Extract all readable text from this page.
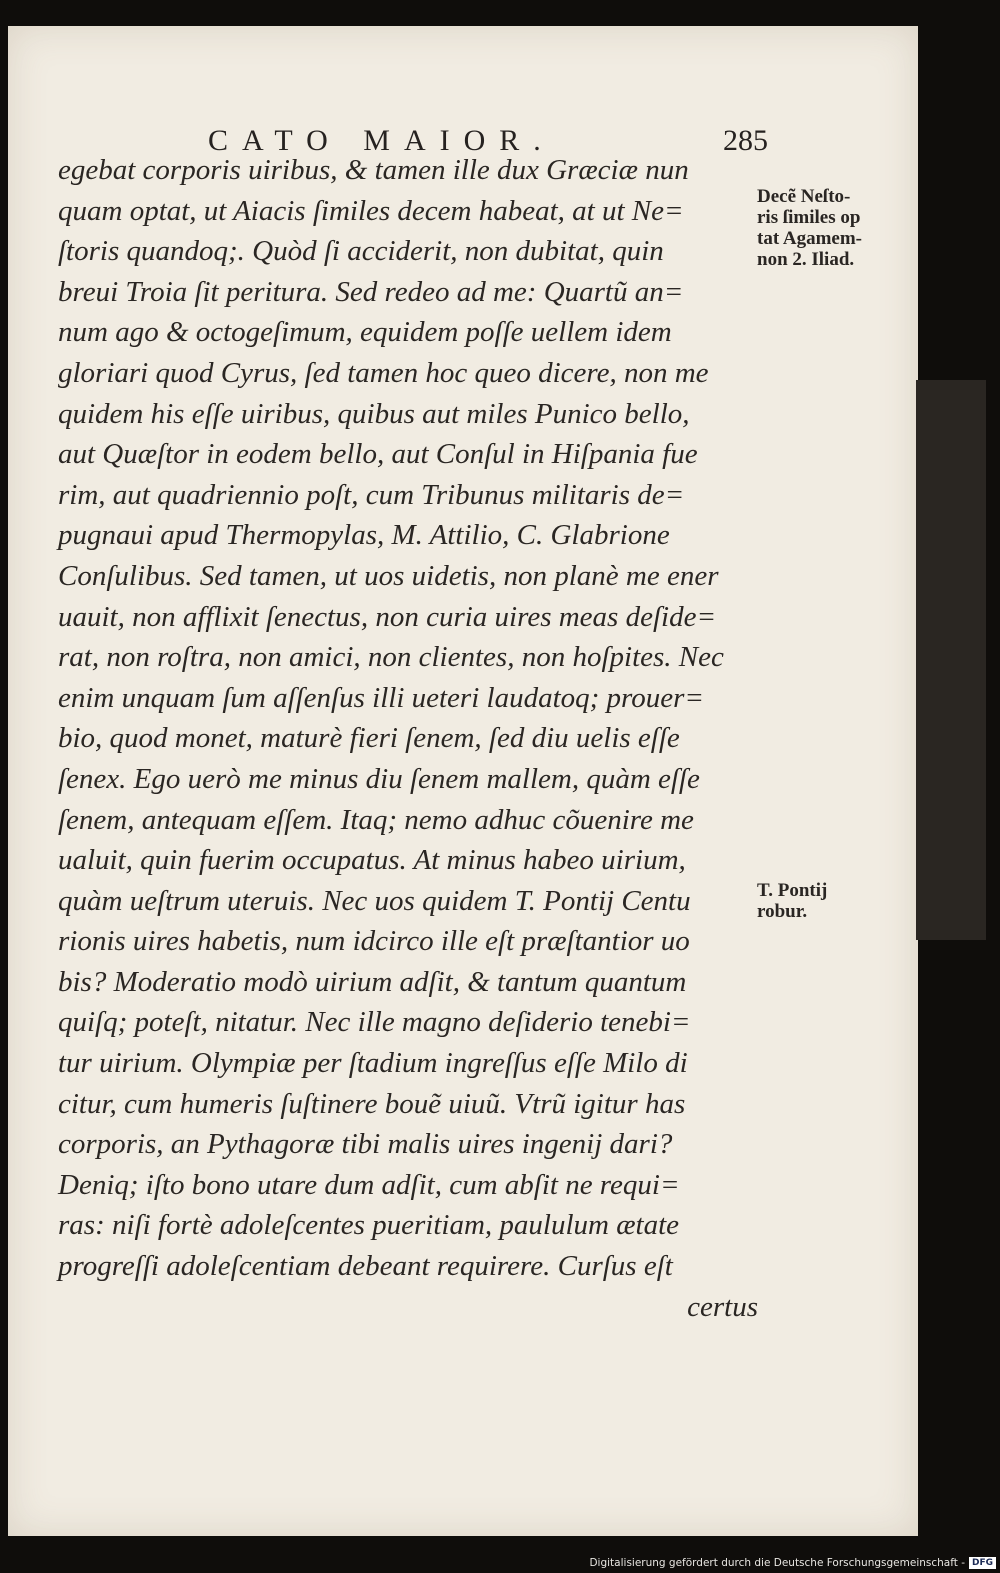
CATO MAIOR.	285
egebat corporis uiribus, & tamen ille dux Græciæ nun
quam optat, ut Aiacis ſimiles decem habeat, at ut Ne=
ſtoris quandoq;. Quòd ſi acciderit, non dubitat, quin
breui Troia ſit peritura. Sed redeo ad me: Quartũ an=
num ago & octogeſimum, equidem poſſe uellem idem
gloriari quod Cyrus, ſed tamen hoc queo dicere, non me
quidem his eſſe uiribus, quibus aut miles Punico bello,
aut Quæſtor in eodem bello, aut Conſul in Hiſpania fue
rim, aut quadriennio poſt, cum Tribunus militaris de=
pugnaui apud Thermopylas, M. Attilio, C. Glabrione
Conſulibus. Sed tamen, ut uos uidetis, non planè me ener
uauit, non afflixit ſenectus, non curia uires meas deſide=
rat, non roſtra, non amici, non clientes, non hoſpites. Nec
enim unquam ſum aſſenſus illi ueteri laudatoq; prouer=
bio, quod monet, maturè fieri ſenem, ſed diu uelis eſſe
ſenex. Ego uerò me minus diu ſenem mallem, quàm eſſe
ſenem, antequam eſſem. Itaq; nemo adhuc cõuenire me
ualuit, quin fuerim occupatus. At minus habeo uirium,
quàm ueſtrum uteruis. Nec uos quidem T. Pontij Centu
rionis uires habetis, num idcirco ille eſt præſtantior uo
bis? Moderatio modò uirium adſit, & tantum quantum
quiſq; poteſt, nitatur. Nec ille magno deſiderio tenebi=
tur uirium. Olympiæ per ſtadium ingreſſus eſſe Milo di
citur, cum humeris ſuſtinere bouẽ uiuũ. Vtrũ igitur has
corporis, an Pythagoræ tibi malis uires ingenij dari?
Deniq; iſto bono utare dum adſit, cum abſit ne requi=
ras: niſi fortè adoleſcentes pueritiam, paululum ætate
progreſſi adoleſcentiam debeant requirere. Curſus eſt
certus
Decẽ Neſto-
ris ſimiles op
tat Agamem-
non 2. Iliad.
T. Pontij
robur.
Digitalisierung gefördert durch die Deutsche Forschungsgemeinschaft - DFG
